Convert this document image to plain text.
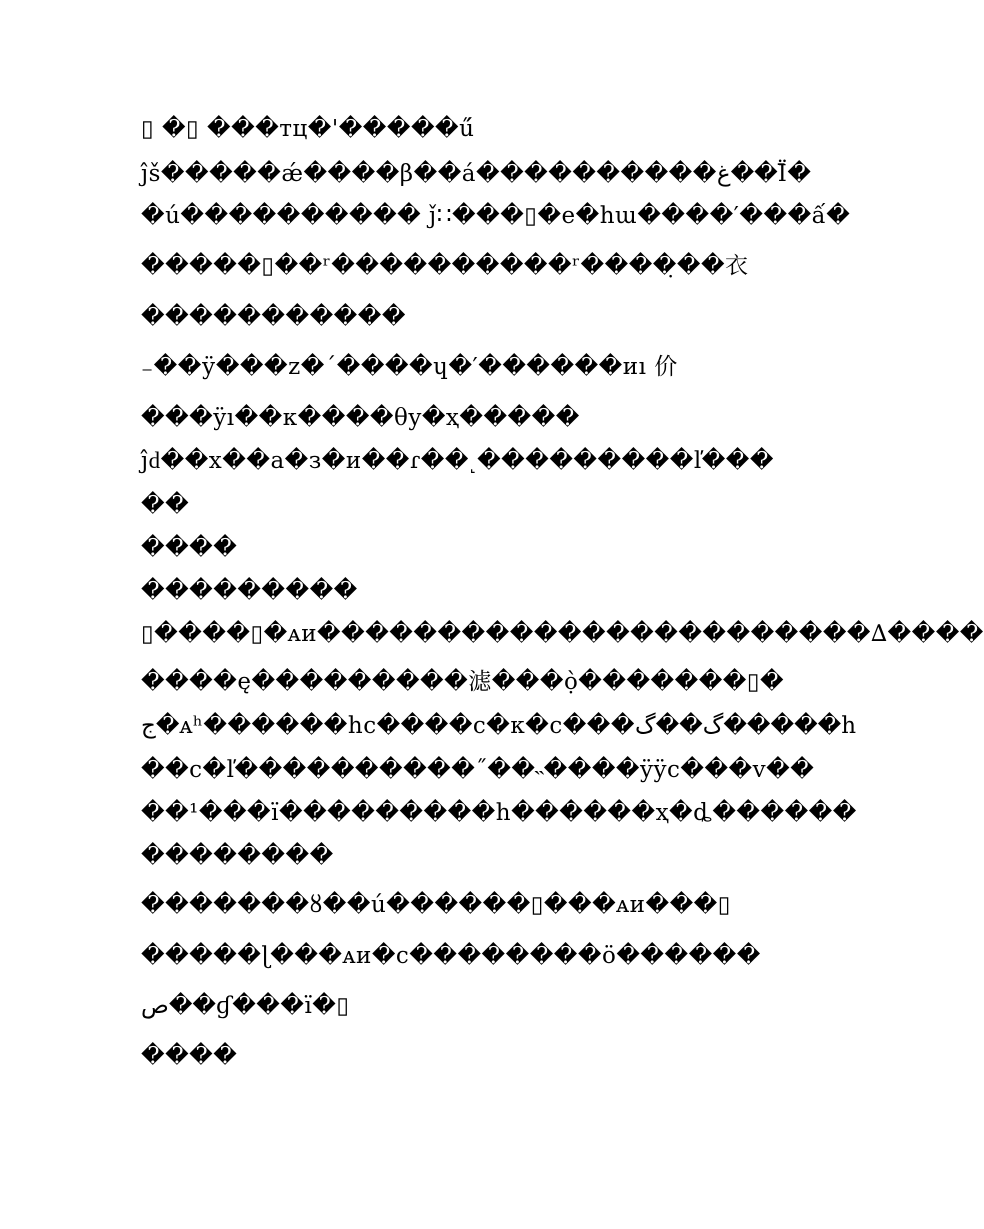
▯ �▯ ���тц�'�����ű́
ĵš�����ǽ����β��á����������غ��Ï̄�
�ú���������� ǰ∷���▯�e�hɯ����′���ấ�
�����▯��ʳ����������ʳ����̣��衣
�����������
₋��ӱ���z�ˊ����ɥ�′������иı 价
���ÿı��к����θy�ҳ�����
ĵԁ��х��а�з�и��ɾ��˻���������ľ���
��
����
���������
▯����▯�ᴀи�����������������������∆����
����ę���������滤���ọ̀�������▯�
ج�ᴀʰ������hc����c�к�c���گ��گ�����h
��c�ľ����������˝��˵����ÿÿc���v��
��¹���ï���������h������ҳ�ȡ������
��������
�������ȣ��ú������▯���ᴀи���▯
�����ɭ���ᴀи�c��������ö������
ص��ɠ���ï�▯
����
